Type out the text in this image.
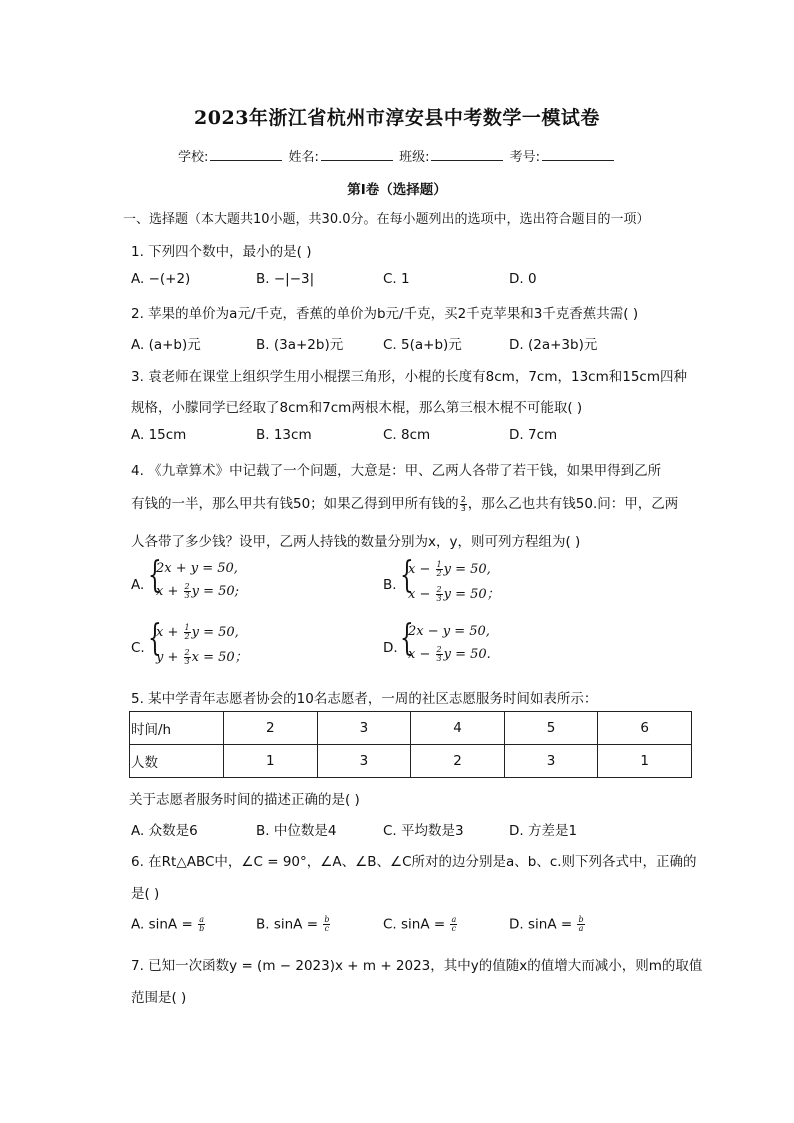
2023年浙江省杭州市淳安县中考数学一模试卷
学校:	姓名:	班级:	考号:
第Ⅰ卷（选择题）
一、选择题（本大题共10小题，共30.0分。在每小题列出的选项中，选出符合题目的一项）
1. 下列四个数中，最小的是( )
A. −(+2)	B. −|−3|	C. 1	D. 0
2. 苹果的单价为a元/千克，香蕉的单价为b元/千克，买2千克苹果和3千克香蕉共需( )
A. (a+b)元	B. (3a+2b)元	C. 5(a+b)元	D. (2a+3b)元
3. 袁老师在课堂上组织学生用小棍摆三角形，小棍的长度有8cm，7cm，13cm和15cm四种
规格，小朦同学已经取了8cm和7cm两根木棍，那么第三根木棍不可能取( )
A. 15cm	B. 13cm	C. 8cm	D. 7cm
4. 《九章算术》中记载了一个问题，大意是：甲、乙两人各带了若干钱，如果甲得到乙所
有钱的一半，那么甲共有钱50；如果乙得到甲所有钱的 $\frac{2}{3}$ ，那么乙也共有钱50.问：甲，乙两
人各带了多少钱？设甲，乙两人持钱的数量分别为x，y，则可列方程组为( )
A. {
2x + y = 50,
$x + \frac{2}{3}$ y = 50;	B. {
$x - \frac{1}{2}$ y = 50,
$x - \frac{2}{3}$ y = 50；
C. {
$x + \frac{1}{2}$ y = 50,
$y + \frac{2}{3}$ x = 50；
D. {
2x − y = 50,
$x - \frac{2}{3}$ y = 50.
5. 某中学青年志愿者协会的10名志愿者，一周的社区志愿服务时间如表所示：
时间/h	2	3	4	5	6
人数	1	3	2	3	1
关于志愿者服务时间的描述正确的是( )
A. 众数是6	B. 中位数是4	C. 平均数是3	D. 方差是1
6. 在Rt△ABC中，∠C = 90°，∠A、∠B、∠C所对的边分别是a、b、c.则下列各式中，正确的
是( )
A. $\sin A = \frac{a}{b}$	B. $\sin A = \frac{b}{c}$	C. $\sin A = \frac{a}{c}$	D. $\sin A = \frac{b}{a}$
7. 已知一次函数y = (m − 2023)x + m + 2023，其中y的值随x的值增大而减小，则m的取值
范围是( )
